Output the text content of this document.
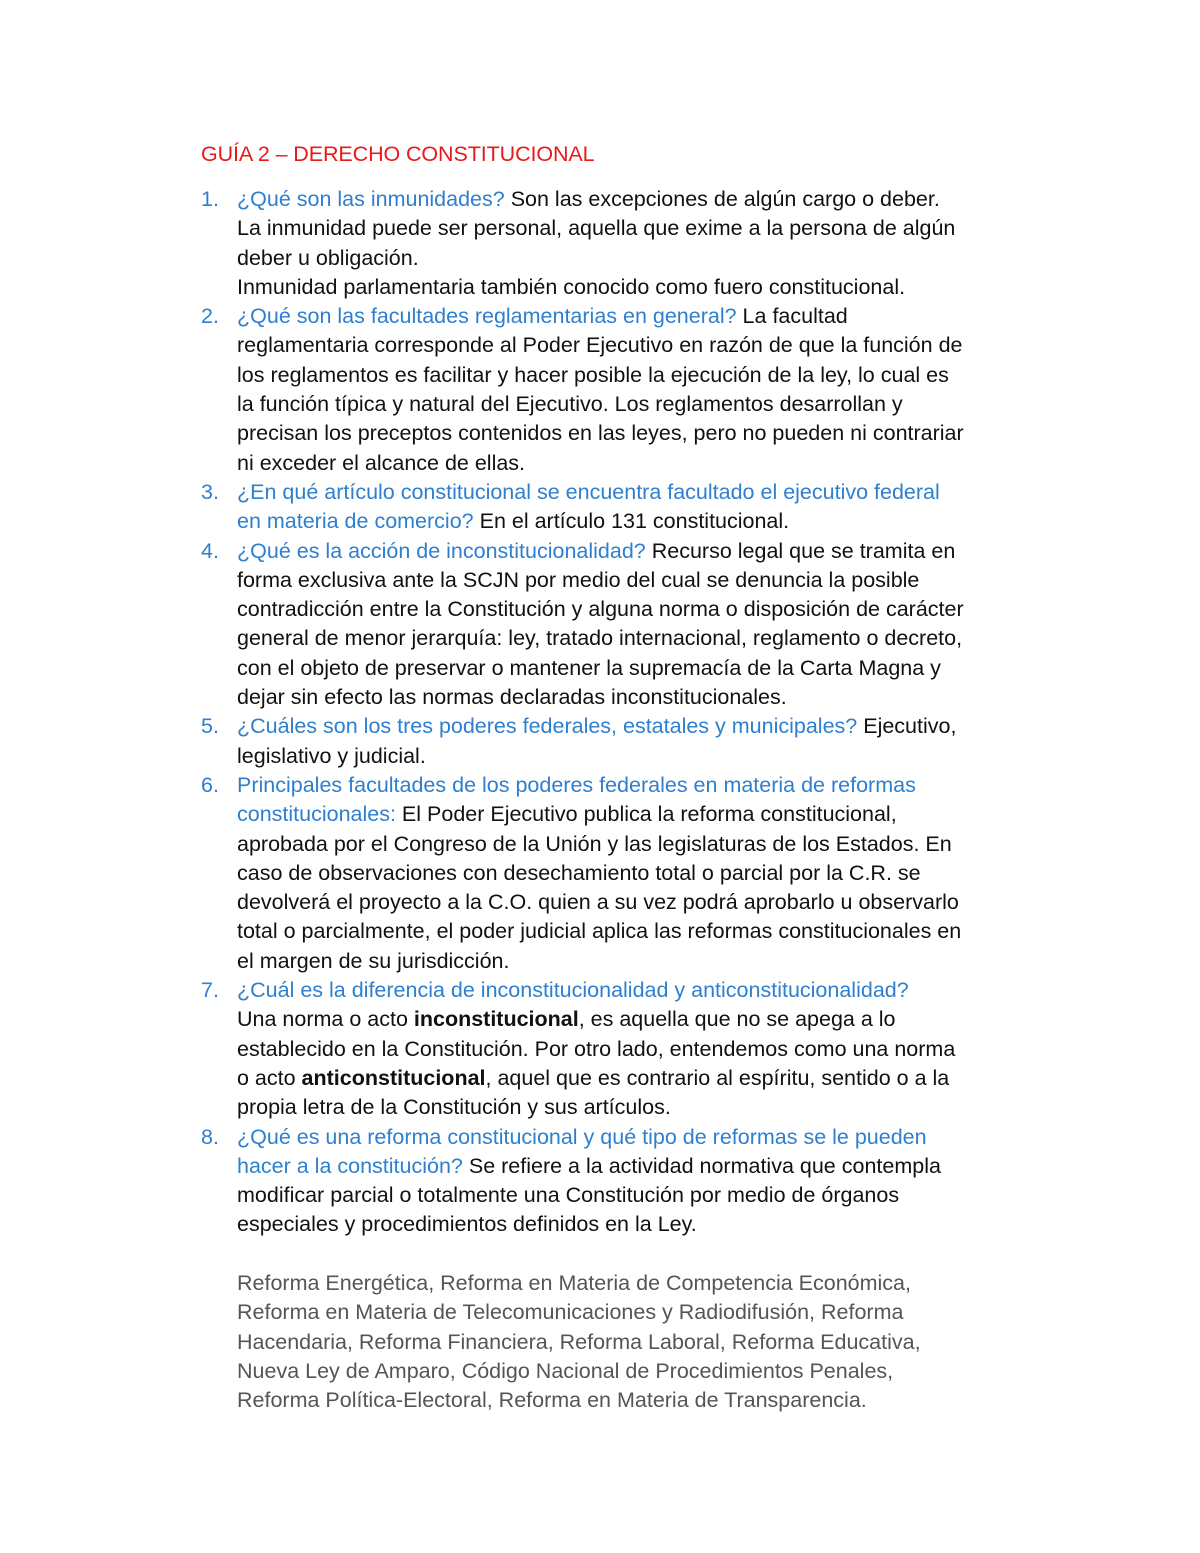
GUÍA 2 – DERECHO CONSTITUCIONAL
1. ¿Qué son las inmunidades? Son las excepciones de algún cargo o deber.
La inmunidad puede ser personal, aquella que exime a la persona de algún
deber u obligación.
Inmunidad parlamentaria también conocido como fuero constitucional.
2. ¿Qué son las facultades reglamentarias en general? La facultad
reglamentaria corresponde al Poder Ejecutivo en razón de que la función de
los reglamentos es facilitar y hacer posible la ejecución de la ley, lo cual es
la función típica y natural del Ejecutivo. Los reglamentos desarrollan y
precisan los preceptos contenidos en las leyes, pero no pueden ni contrariar
ni exceder el alcance de ellas.
3. ¿En qué artículo constitucional se encuentra facultado el ejecutivo federal
en materia de comercio? En el artículo 131 constitucional.
4. ¿Qué es la acción de inconstitucionalidad? Recurso legal que se tramita en
forma exclusiva ante la SCJN por medio del cual se denuncia la posible
contradicción entre la Constitución y alguna norma o disposición de carácter
general de menor jerarquía: ley, tratado internacional, reglamento o decreto,
con el objeto de preservar o mantener la supremacía de la Carta Magna y
dejar sin efecto las normas declaradas inconstitucionales.
5. ¿Cuáles son los tres poderes federales, estatales y municipales? Ejecutivo,
legislativo y judicial.
6. Principales facultades de los poderes federales en materia de reformas
constitucionales: El Poder Ejecutivo publica la reforma constitucional,
aprobada por el Congreso de la Unión y las legislaturas de los Estados. En
caso de observaciones con desechamiento total o parcial por la C.R. se
devolverá el proyecto a la C.O. quien a su vez podrá aprobarlo u observarlo
total o parcialmente, el poder judicial aplica las reformas constitucionales en
el margen de su jurisdicción.
7. ¿Cuál es la diferencia de inconstitucionalidad y anticonstitucionalidad?
Una norma o acto inconstitucional, es aquella que no se apega a lo
establecido en la Constitución. Por otro lado, entendemos como una norma
o acto anticonstitucional, aquel que es contrario al espíritu, sentido o a la
propia letra de la Constitución y sus artículos.
8. ¿Qué es una reforma constitucional y qué tipo de reformas se le pueden
hacer a la constitución? Se refiere a la actividad normativa que contempla
modificar parcial o totalmente una Constitución por medio de órganos
especiales y procedimientos definidos en la Ley.
Reforma Energética, Reforma en Materia de Competencia Económica,
Reforma en Materia de Telecomunicaciones y Radiodifusión, Reforma
Hacendaria, Reforma Financiera, Reforma Laboral, Reforma Educativa,
Nueva Ley de Amparo, Código Nacional de Procedimientos Penales,
Reforma Política-Electoral, Reforma en Materia de Transparencia.
